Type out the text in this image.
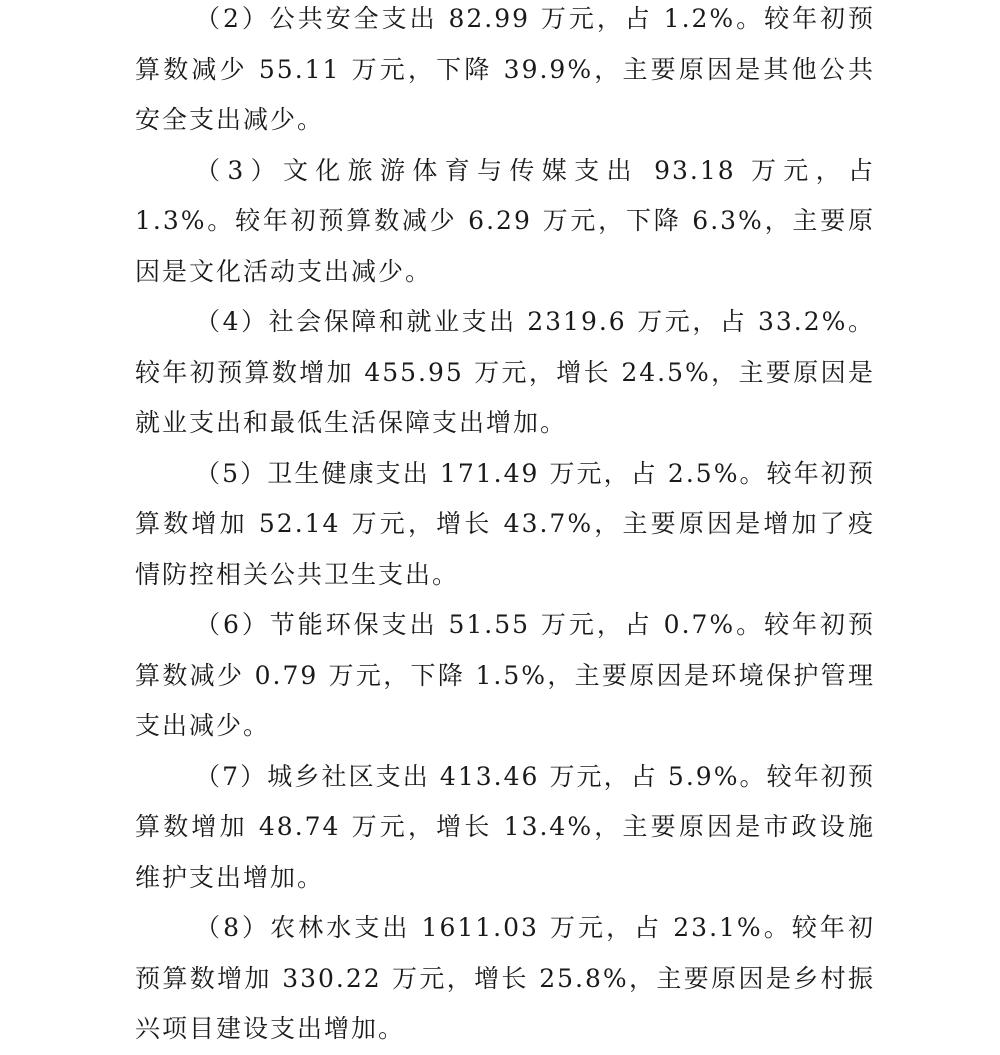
（2）公共安全支出 82.99 万元，占 1.2%。较年初预算数减少 55.11 万元，下降 39.9%，主要原因是其他公共安全支出减少。

（3）文化旅游体育与传媒支出 93.18 万元，占 1.3%。较年初预算数减少 6.29 万元，下降 6.3%，主要原因是文化活动支出减少。

（4）社会保障和就业支出 2319.6 万元，占 33.2%。较年初预算数增加 455.95 万元，增长 24.5%，主要原因是就业支出和最低生活保障支出增加。

（5）卫生健康支出 171.49 万元，占 2.5%。较年初预算数增加 52.14 万元，增长 43.7%，主要原因是增加了疫情防控相关公共卫生支出。

（6）节能环保支出 51.55 万元，占 0.7%。较年初预算数减少 0.79 万元，下降 1.5%，主要原因是环境保护管理支出减少。

（7）城乡社区支出 413.46 万元，占 5.9%。较年初预算数增加 48.74 万元，增长 13.4%，主要原因是市政设施维护支出增加。

（8）农林水支出 1611.03 万元，占 23.1%。较年初预算数增加 330.22 万元，增长 25.8%，主要原因是乡村振兴项目建设支出增加。
